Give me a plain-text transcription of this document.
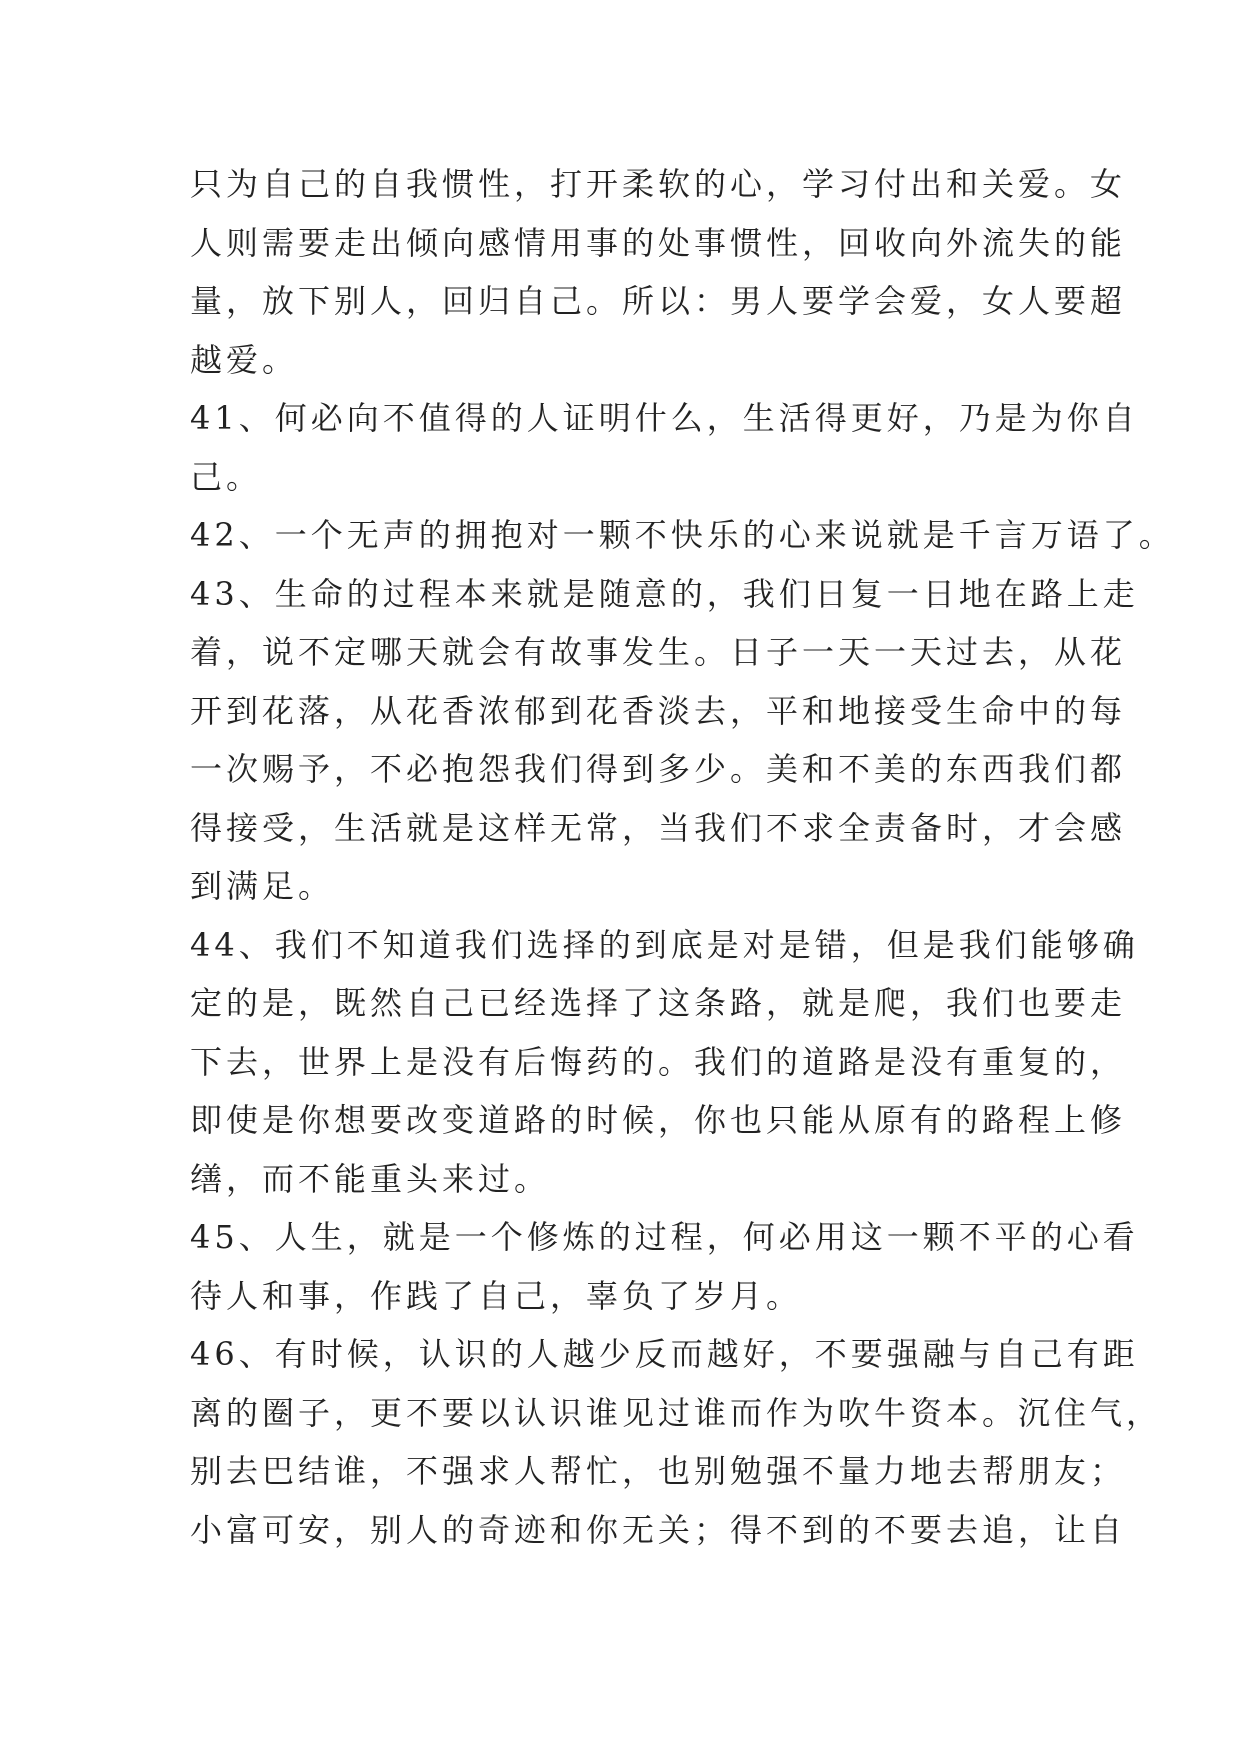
只为自己的自我惯性，打开柔软的心，学习付出和关爱。女
人则需要走出倾向感情用事的处事惯性，回收向外流失的能
量，放下别人，回归自己。所以：男人要学会爱，女人要超
越爱。
41、何必向不值得的人证明什么，生活得更好，乃是为你自
己。
42、一个无声的拥抱对一颗不快乐的心来说就是千言万语了。
43、生命的过程本来就是随意的，我们日复一日地在路上走
着，说不定哪天就会有故事发生。日子一天一天过去，从花
开到花落，从花香浓郁到花香淡去，平和地接受生命中的每
一次赐予，不必抱怨我们得到多少。美和不美的东西我们都
得接受，生活就是这样无常，当我们不求全责备时，才会感
到满足。
44、我们不知道我们选择的到底是对是错，但是我们能够确
定的是，既然自己已经选择了这条路，就是爬，我们也要走
下去，世界上是没有后悔药的。我们的道路是没有重复的，
即使是你想要改变道路的时候，你也只能从原有的路程上修
缮，而不能重头来过。
45、人生，就是一个修炼的过程，何必用这一颗不平的心看
待人和事，作践了自己，辜负了岁月。
46、有时候，认识的人越少反而越好，不要强融与自己有距
离的圈子，更不要以认识谁见过谁而作为吹牛资本。沉住气，
别去巴结谁，不强求人帮忙，也别勉强不量力地去帮朋友；
小富可安，别人的奇迹和你无关；得不到的不要去追，让自
